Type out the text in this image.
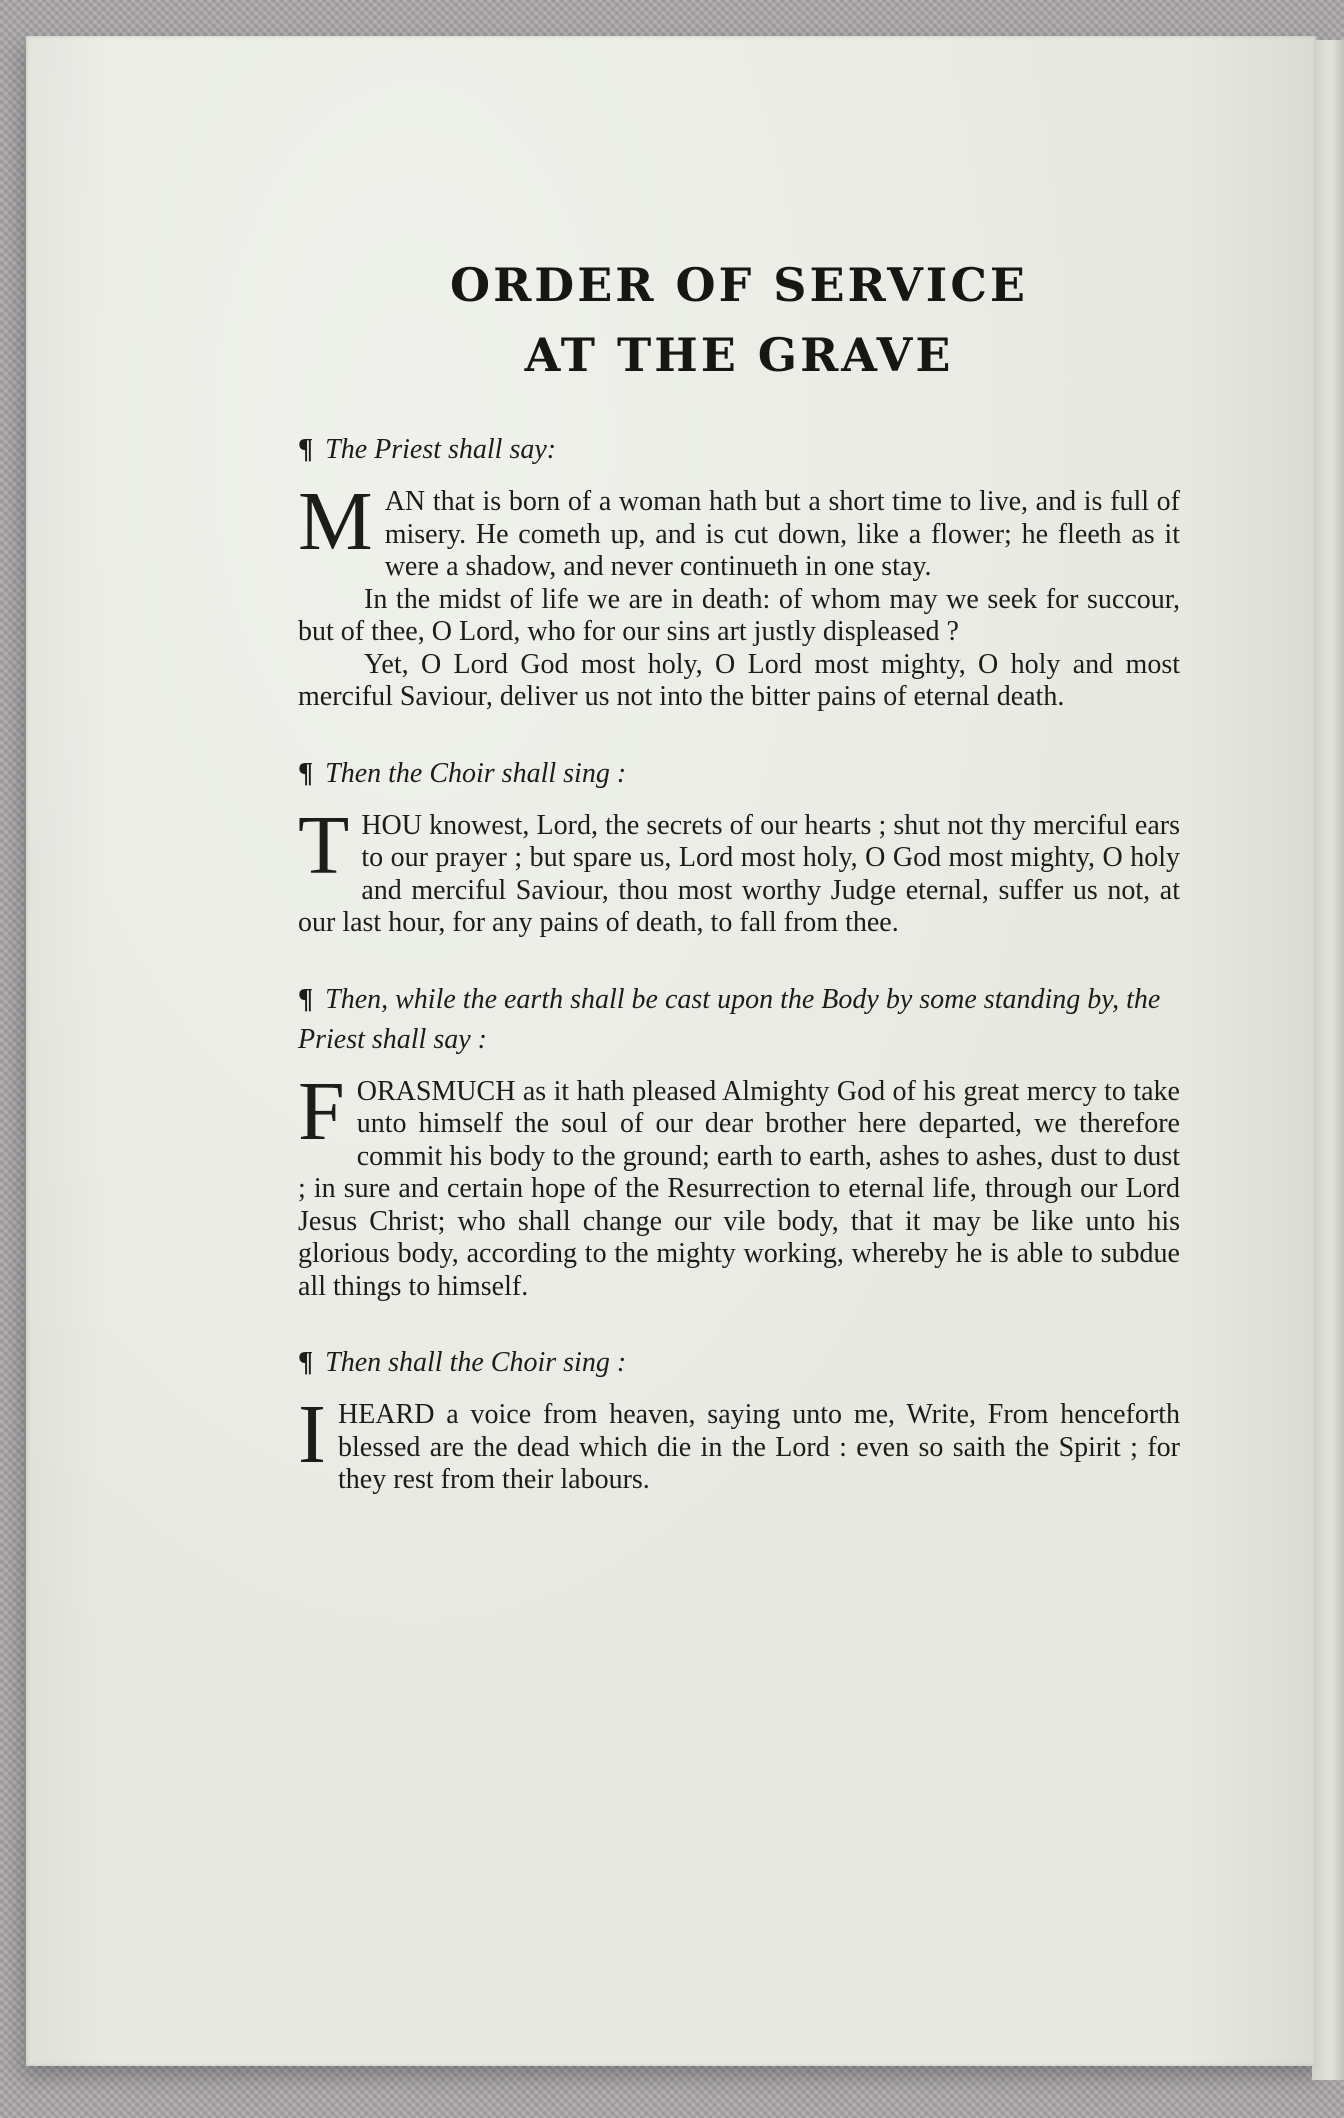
ORDER OF SERVICE
AT THE GRAVE

¶ The Priest shall say:

MAN that is born of a woman hath but a short time to live, and is full of misery. He cometh up, and is cut down, like a flower; he fleeth as it were a shadow, and never continueth in one stay.

In the midst of life we are in death: of whom may we seek for succour, but of thee, O Lord, who for our sins art justly displeased ?

Yet, O Lord God most holy, O Lord most mighty, O holy and most merciful Saviour, deliver us not into the bitter pains of eternal death.

¶ Then the Choir shall sing :

THOU knowest, Lord, the secrets of our hearts ; shut not thy merciful ears to our prayer ; but spare us, Lord most holy, O God most mighty, O holy and merciful Saviour, thou most worthy Judge eternal, suffer us not, at our last hour, for any pains of death, to fall from thee.

¶ Then, while the earth shall be cast upon the Body by some standing by, the Priest shall say :

FORASMUCH as it hath pleased Almighty God of his great mercy to take unto himself the soul of our dear brother here departed, we therefore commit his body to the ground; earth to earth, ashes to ashes, dust to dust ; in sure and certain hope of the Resurrection to eternal life, through our Lord Jesus Christ; who shall change our vile body, that it may be like unto his glorious body, according to the mighty working, whereby he is able to subdue all things to himself.

¶ Then shall the Choir sing :

IHEARD a voice from heaven, saying unto me, Write, From henceforth blessed are the dead which die in the Lord : even so saith the Spirit ; for they rest from their labours.
